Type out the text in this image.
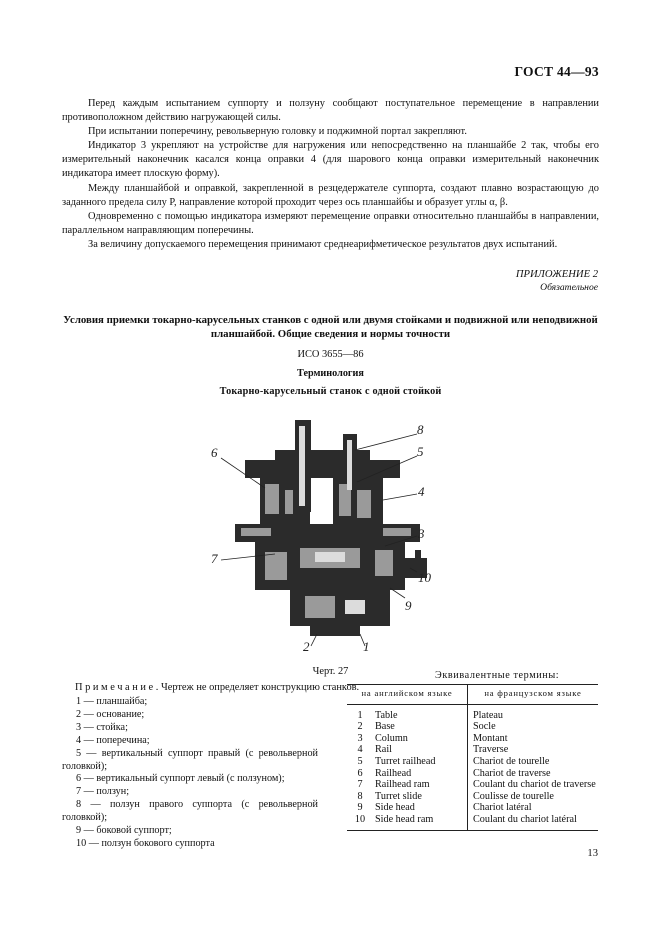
ГОСТ 44—93

Перед каждым испытанием суппорту и ползуну сообщают поступательное перемещение в направлении противоположном действию нагружающей силы.

При испытании поперечину, револьверную головку и поджимной портал закрепляют.

Индикатор 3 укрепляют на устройстве для нагружения или непосредственно на планшайбе 2 так, чтобы его измерительный наконечник касался конца оправки 4 (для шарового конца оправки измерительный наконечник индикатора имеет плоскую форму).

Между планшайбой и оправкой, закрепленной в резцедержателе суппорта, создают плавно возрастающую до заданного предела силу P, направление которой проходит через ось планшайбы и образует углы α, β.

Одновременно с помощью индикатора измеряют перемещение оправки относительно планшайбы в направлении, параллельном направляющим поперечины.

За величину допускаемого перемещения принимают среднеарифметическое результатов двух испытаний.

ПРИЛОЖЕНИЕ 2
Обязательное
Условия приемки токарно-карусельных станков с одной или двумя стойками и подвижной или неподвижной планшайбой. Общие сведения и нормы точности
ИСО 3655—86
Терминология
Токарно-карусельный станок с одной стойкой
8
5
6
4
3
7
10
9
2	1
Черт. 27
Примечание. Чертеж не определяет конструкцию станков.
Эквивалентные термины:
1 — планшайба;
2 — основание;
3 — стойка;
4 — поперечина;
5 — вертикальный суппорт правый (с револьверной головкой);
6 — вертикальный суппорт левый (с ползуном);
7 — ползун;
8 — ползун правого суппорта (с револьверной головкой);
9 — боковой суппорт;
10 — ползун бокового суппорта
на английском языке		на французском языке
1	Table	Plateau
2	Base	Socle
3	Column	Montant
4	Rail	Traverse
5	Turret railhead	Chariot de tourelle
6	Railhead	Chariot de traverse
7	Railhead ram	Coulant du chariot de traverse
8	Turret slide	Coulisse de tourelle
9	Side head	Chariot latéral
10	Side head ram	Coulant du chariot latéral
13
